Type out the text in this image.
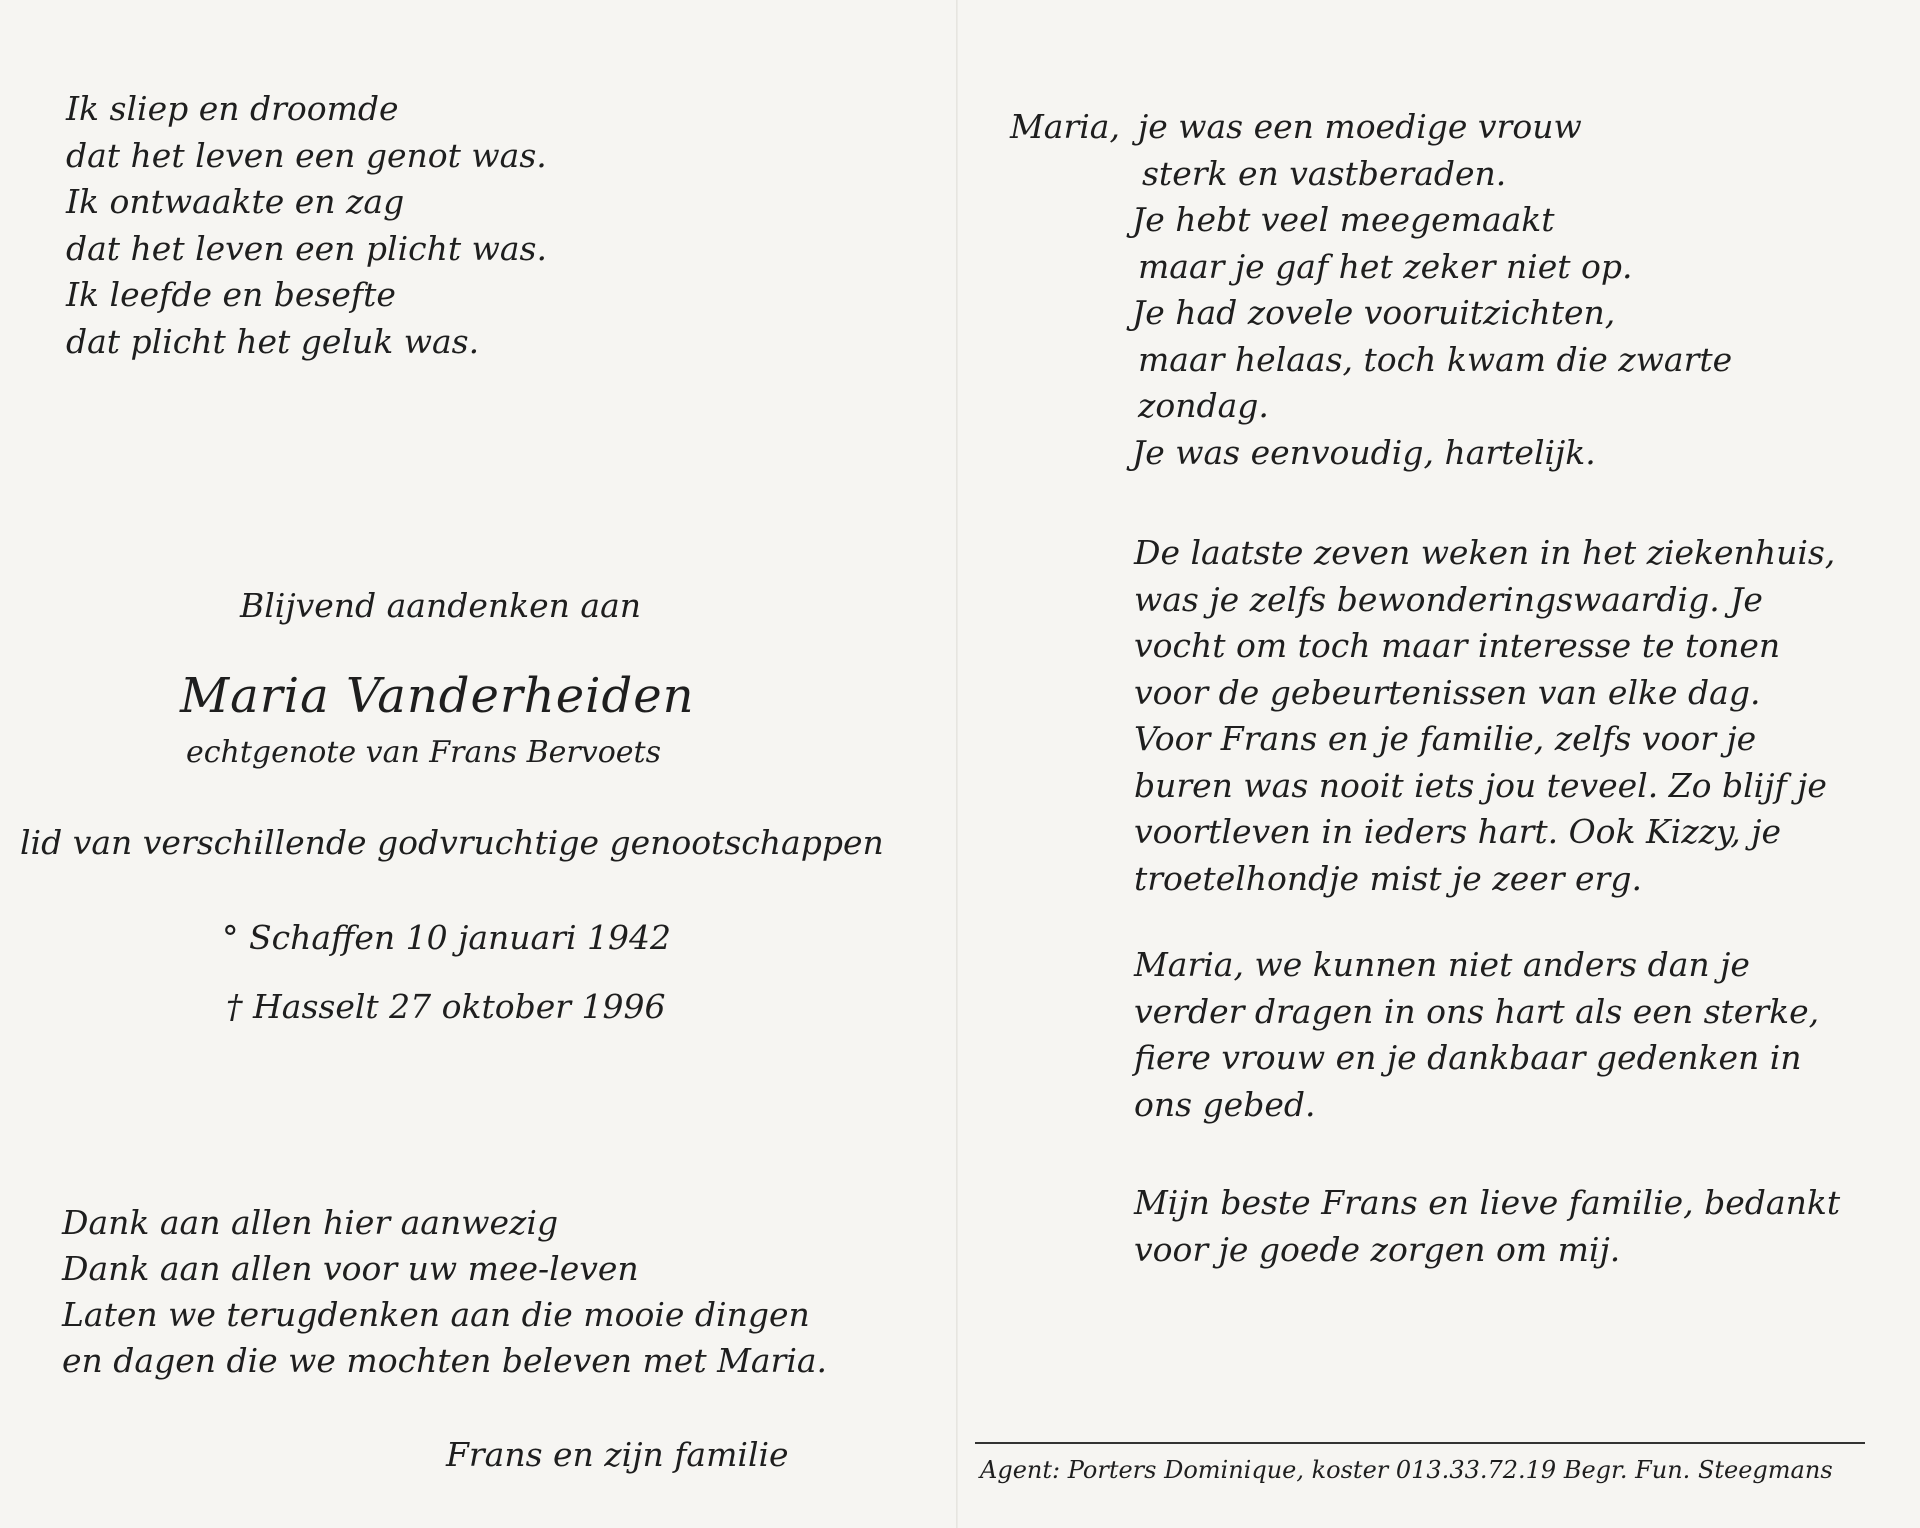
Ik sliep en droomde
dat het leven een genot was.
Ik ontwaakte en zag
dat het leven een plicht was.
Ik leefde en besefte
dat plicht het geluk was.
Blijvend aandenken aan
Maria Vanderheiden
echtgenote van Frans Bervoets
lid van verschillende godvruchtige genootschappen
° Schaffen 10 januari 1942
† Hasselt 27 oktober 1996
Dank aan allen hier aanwezig
Dank aan allen voor uw mee-leven
Laten we terugdenken aan die mooie dingen
en dagen die we mochten beleven met Maria.
Frans en zijn familie
Maria, je was een moedige vrouw
sterk en vastberaden.
Je hebt veel meegemaakt
maar je gaf het zeker niet op.
Je had zovele vooruitzichten,
maar helaas, toch kwam die zwarte
zondag.
Je was eenvoudig, hartelijk.
De laatste zeven weken in het ziekenhuis,
was je zelfs bewonderingswaardig. Je
vocht om toch maar interesse te tonen
voor de gebeurtenissen van elke dag.
Voor Frans en je familie, zelfs voor je
buren was nooit iets jou teveel. Zo blijf je
voortleven in ieders hart. Ook Kizzy, je
troetelhondje mist je zeer erg.
Maria, we kunnen niet anders dan je
verder dragen in ons hart als een sterke,
fiere vrouw en je dankbaar gedenken in
ons gebed.
Mijn beste Frans en lieve familie, bedankt
voor je goede zorgen om mij.
Agent: Porters Dominique, koster 013.33.72.19 Begr. Fun. Steegmans
